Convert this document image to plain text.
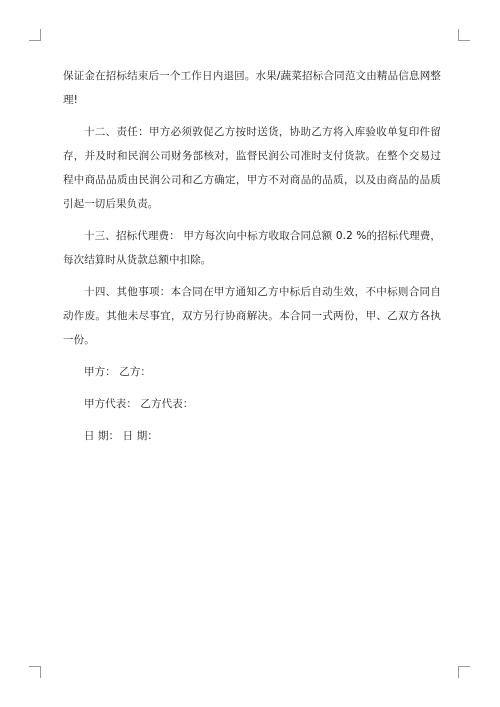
保证金在招标结束后一个工作日内退回。水果/蔬菜招标合同范文由精品信息网整理!

十二、责任：甲方必须敦促乙方按时送货，协助乙方将入库验收单复印件留存，并及时和民润公司财务部核对，监督民润公司准时支付货款。在整个交易过程中商品品质由民润公司和乙方确定，甲方不对商品的品质，以及由商品的品质引起一切后果负责。

十三、招标代理费： 甲方每次向中标方收取合同总额 0.2 %的招标代理费，每次结算时从货款总额中扣除。

十四、其他事项：本合同在甲方通知乙方中标后自动生效，不中标则合同自动作废。其他未尽事宜，双方另行协商解决。本合同一式两份，甲、乙双方各执一份。

甲方： 乙方：

甲方代表： 乙方代表：

日 期： 日 期：
